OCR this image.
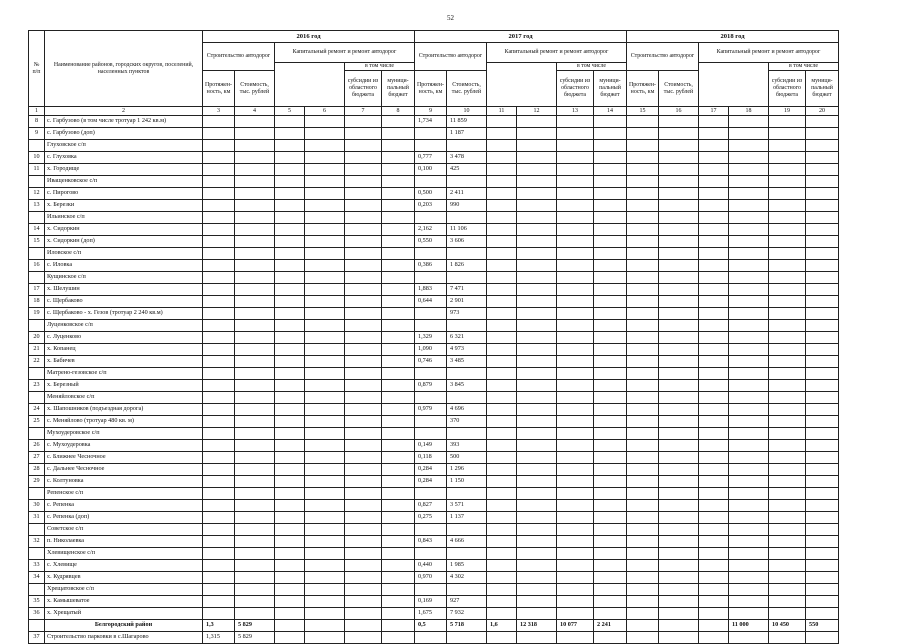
52
№ п/п	Наименование районов, городских округов, поселений, населенных пунктов	2016 год						2017 год						2018 год					
		Строительство автодорог		Капитальный ремонт и ремонт автодорог				Строительство автодорог		Капитальный ремонт и ремонт автодорог				Строительство автодорог		Капитальный ремонт и ремонт автодорог			
						в том числе						в том числе						в том числе	
		Протяжен- ность, км	Стоимость, тыс. рублей			субсидии из областного бюджета	муници- пальный бюджет	Протяжен- ность, км	Стоимость, тыс. рублей			субсидии из областного бюджета	муници- пальный бюджет	Протяжен- ность, км	Стоимость, тыс. рублей			субсидии из областного бюджета	муници- пальный бюджет
1	2	3	4	5	6	7	8	9	10	11	12	13	14	15	16	17	18	19	20
8	с. Гарбузово (в том числе тротуар 1 242 кв.м)							1,734	11 859										
9	с. Гарбузово (доп)								1 187										
	Глуховское с/п																		
10	с. Глуховка							0,777	3 478										
11	х. Городище							0,100	425										
	Иващенковское с/п																		
12	с. Пирогово							0,500	2 411										
13	х. Березки							0,203	990										
	Ильинское с/п																		
14	х. Сидоркин							2,162	11 106										
15	х. Сидоркин (доп)							0,550	3 606										
	Иловское с/п																		
16	с. Иловка							0,386	1 826										
	Кущинское с/п																		
17	х. Шелушин							1,883	7 471										
18	с. Щербаково							0,644	2 901										
19	с. Щербаково - х. Гезов (тротуар 2 240 кв.м)								973										
	Луценковское с/п																		
20	с. Луценково							1,329	6 321										
21	х. Копанец							1,090	4 973										
22	х. Бабичев							0,746	3 485										
	Матрено-гезовское с/п																		
23	х. Березный							0,879	3 845										
	Меняйловское с/п																		
24	х. Шапошников (подъездная дорога)							0,979	4 696										
25	с. Меняйлово (тротуар 480 кв. м)								370										
	Мухоудеровское с/п																		
26	с. Мухоудеровка							0,149	393										
27	с. Ближнее Чесночное							0,118	500										
28	с. Дальнее Чесночное							0,284	1 296										
29	с. Колтуновка							0,284	1 150										
	Репенское с/п																		
30	с. Репенка							0,827	3 571										
31	с. Репенка (доп)							0,275	1 137										
	Советское с/п																		
32	п. Николаевка							0,843	4 666										
	Хлевищенское с/п																		
33	с. Хлевище							0,440	1 985										
34	х. Кудрявцев							0,970	4 302										
	Хрещатовское с/п																		
35	х. Камышеватое							0,169	927										
36	х. Хрещатый							1,675	7 932										
	Белгородский район	1,3	5 829					0,5	5 718	1,6	12 318	10 077	2 241				11 000	10 450	550
37	Строительство парковки в с.Шагарово	1,315	5 829																
